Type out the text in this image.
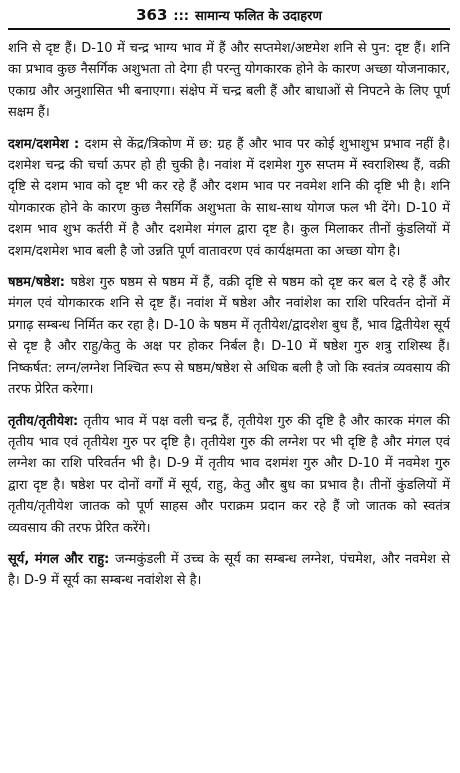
363 ::: सामान्य फलित के उदाहरण

शनि से दृष्ट हैं। D-10 में चन्द्र भाग्य भाव में हैं और सप्तमेश/अष्टमेश शनि से पुन: दृष्ट हैं। शनि का प्रभाव कुछ नैसर्गिक अशुभता तो देगा ही परन्तु योगकारक होने के कारण अच्छा योजनाकार, एकाग्र और अनुशासित भी बनाएगा। संक्षेप में चन्द्र बली हैं और बाधाओं से निपटने के लिए पूर्ण सक्षम हैं।

दशम/दशमेश : दशम से केंद्र/त्रिकोण में छ: ग्रह हैं और भाव पर कोई शुभाशुभ प्रभाव नहीं है। दशमेश चन्द्र की चर्चा ऊपर हो ही चुकी है। नवांश में दशमेश गुरु सप्तम में स्वराशिस्थ हैं, वक्री दृष्टि से दशम भाव को दृष्ट भी कर रहे हैं और दशम भाव पर नवमेश शनि की दृष्टि भी है। शनि योगकारक होने के कारण कुछ नैसर्गिक अशुभता के साथ-साथ योगज फल भी देंगे। D-10 में दशम भाव शुभ कर्तरी में है और दशमेश मंगल द्वारा दृष्ट है। कुल मिलाकर तीनों कुंडलियों में दशम/दशमेश भाव बली है जो उन्नति पूर्ण वातावरण एवं कार्यक्षमता का अच्छा योग है।

षष्ठम/षष्ठेश: षष्ठेश गुरु षष्ठम से षष्ठम में हैं, वक्री दृष्टि से षष्ठम को दृष्ट कर बल दे रहे हैं और मंगल एवं योगकारक शनि से दृष्ट हैं। नवांश में षष्ठेश और नवांशेश का राशि परिवर्तन दोनों में प्रगाढ़ सम्बन्ध निर्मित कर रहा है। D-10 के षष्ठम में तृतीयेश/द्वादशेश बुध हैं, भाव द्वितीयेश सूर्य से दृष्ट है और राहु/केतु के अक्ष पर होकर निर्बल है। D-10 में षष्ठेश गुरु शत्रु राशिस्थ हैं। निष्कर्षत: लग्न/लग्नेश निश्चित रूप से षष्ठम/षष्ठेश से अधिक बली है जो कि स्वतंत्र व्यवसाय की तरफ प्रेरित करेगा।

तृतीय/तृतीयेश: तृतीय भाव में पक्ष वली चन्द्र हैं, तृतीयेश गुरु की दृष्टि है और कारक मंगल की तृतीय भाव एवं तृतीयेश गुरु पर दृष्टि है। तृतीयेश गुरु की लग्नेश पर भी दृष्टि है और मंगल एवं लग्नेश का राशि परिवर्तन भी है। D-9 में तृतीय भाव दशमंश गुरु और D-10 में नवमेश गुरु द्वारा दृष्ट है। षष्ठेश पर दोनों वर्गों में सूर्य, राहु, केतु और बुध का प्रभाव है। तीनों कुंडलियों में तृतीय/तृतीयेश जातक को पूर्ण साहस और पराक्रम प्रदान कर रहे हैं जो जातक को स्वतंत्र व्यवसाय की तरफ प्रेरित करेंगे।

सूर्य, मंगल और राहु: जन्मकुंडली में उच्च के सूर्य का सम्बन्ध लग्नेश, पंचमेश, और नवमेश से है। D-9 में सूर्य का सम्बन्ध नवांशेश से है।
